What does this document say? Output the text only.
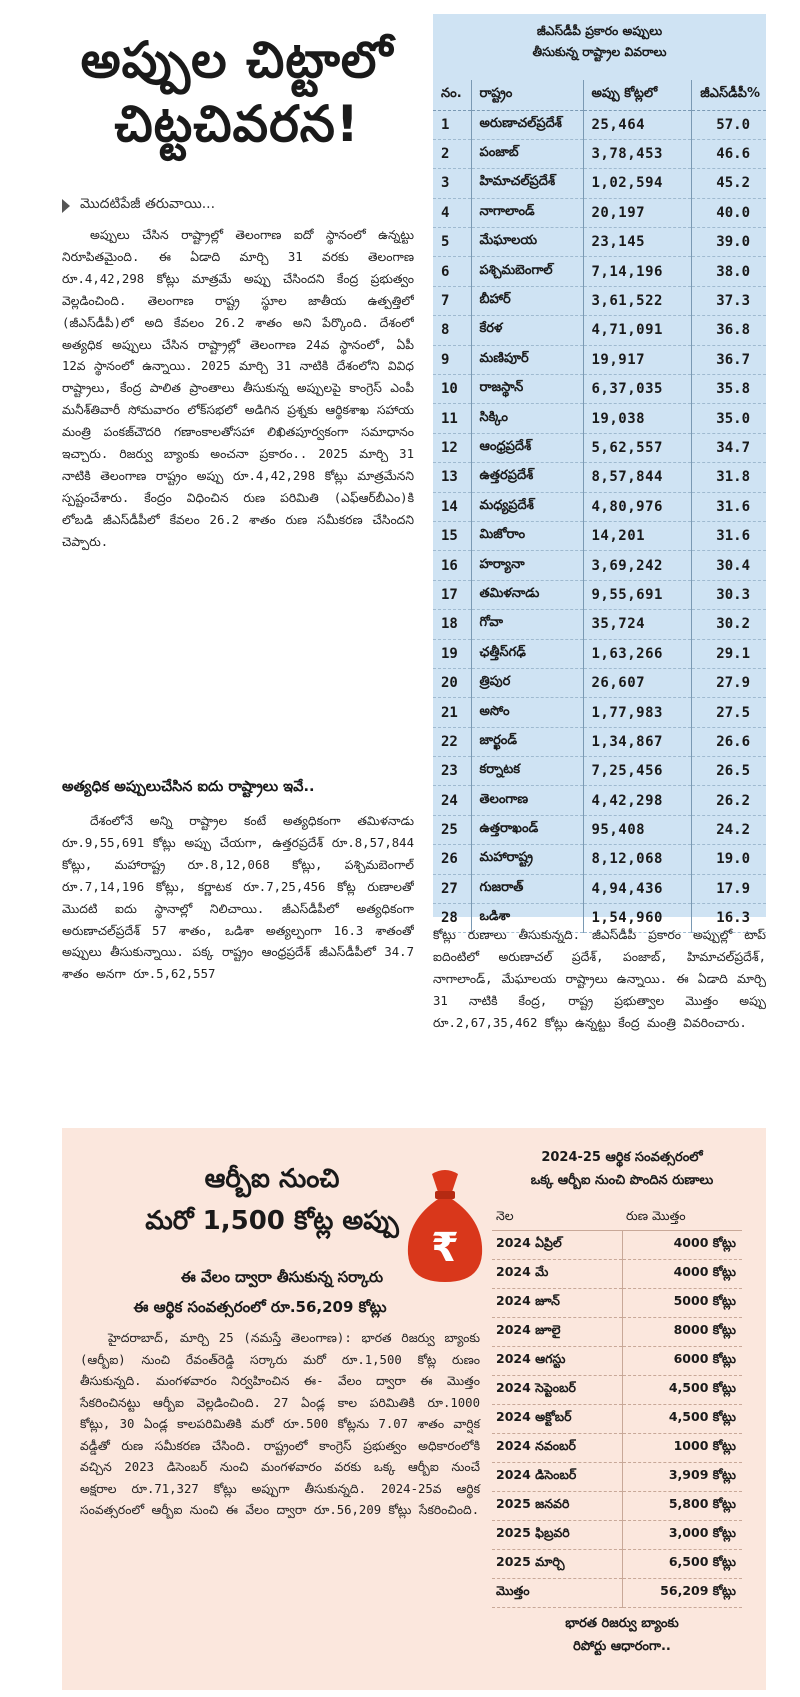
అప్పుల చిట్టాలో
చిట్టచివరన!
మొదటిపేజీ తరువాయి...

అప్పులు చేసిన రాష్ట్రాల్లో తెలంగాణ ఐదో స్థానంలో ఉన్నట్టు నిరూపితమైంది. ఈ ఏడాది మార్చి 31 వరకు తెలంగాణ రూ.4,42,298 కోట్లు మాత్రమే అప్పు చేసిందని కేంద్ర ప్రభుత్వం వెల్లడించింది. తెలంగాణ రాష్ట్ర స్థూల జాతీయ ఉత్పత్తిలో (జీఎస్‌డీపీ)లో అది కేవలం 26.2 శాతం అని పేర్కొంది. దేశంలో అత్యధిక అప్పులు చేసిన రాష్ట్రాల్లో తెలంగాణ 24వ స్థానంలో, ఏపీ 12వ స్థానంలో ఉన్నాయి. 2025 మార్చి 31 నాటికి దేశంలోని వివిధ రాష్ట్రాలు, కేంద్ర పాలిత ప్రాంతాలు తీసుకున్న అప్పులపై కాంగ్రెస్ ఎంపీ మనీశ్‌తివారీ సోమవారం లోక్‌సభలో అడిగిన ప్రశ్నకు ఆర్థికశాఖ సహాయ మంత్రి పంకజ్‌చౌదరి గణాంకాలతోసహా లిఖితపూర్వకంగా సమాధానం ఇచ్చారు. రిజర్వు బ్యాంకు అంచనా ప్రకారం.. 2025 మార్చి 31 నాటికి తెలంగాణ రాష్ట్రం అప్పు రూ.4,42,298 కోట్లు మాత్రమేనని స్పష్టంచేశారు. కేంద్రం విధించిన రుణ పరిమితి (ఎఫ్‌ఆర్‌బీఎం)కి లోబడి జీఎస్‌డీపీలో కేవలం 26.2 శాతం రుణ సమీకరణ చేసిందని చెప్పారు.

అత్యధిక అప్పులుచేసిన ఐదు రాష్ట్రాలు ఇవే..

దేశంలోనే అన్ని రాష్ట్రాల కంటే అత్యధికంగా తమిళనాడు రూ.9,55,691 కోట్లు అప్పు చేయగా, ఉత్తరప్రదేశ్ రూ.8,57,844 కోట్లు, మహారాష్ట్ర రూ.8,12,068 కోట్లు, పశ్చిమబెంగాల్ రూ.7,14,196 కోట్లు, కర్ణాటక రూ.7,25,456 కోట్ల రుణాలతో మొదటి ఐదు స్థానాల్లో నిలిచాయి. జీఎస్‌డీపీలో అత్యధికంగా అరుణాచల్‌ప్రదేశ్ 57 శాతం, ఒడిశా అత్యల్పంగా 16.3 శాతంతో అప్పులు తీసుకున్నాయి. పక్క రాష్ట్రం ఆంధ్రప్రదేశ్ జీఎస్‌డీపీలో 34.7 శాతం అనగా రూ.5,62,557

జీఎస్‌డీపీ ప్రకారం అప్పులు
తీసుకున్న రాష్ట్రాల వివరాలు
నం.	రాష్ట్రం	అప్పు కోట్లలో	జీఎస్‌డీపీ%
1	అరుణాచల్‌ప్రదేశ్	25,464	57.0
2	పంజాబ్	3,78,453	46.6
3	హిమాచల్‌ప్రదేశ్	1,02,594	45.2
4	నాగాలాండ్	20,197	40.0
5	మేఘాలయ	23,145	39.0
6	పశ్చిమబెంగాల్	7,14,196	38.0
7	బీహార్	3,61,522	37.3
8	కేరళ	4,71,091	36.8
9	మణిపూర్	19,917	36.7
10	రాజస్థాన్	6,37,035	35.8
11	సిక్కిం	19,038	35.0
12	ఆంధ్రప్రదేశ్	5,62,557	34.7
13	ఉత్తరప్రదేశ్	8,57,844	31.8
14	మధ్యప్రదేశ్	4,80,976	31.6
15	మిజోరాం	14,201	31.6
16	హర్యానా	3,69,242	30.4
17	తమిళనాడు	9,55,691	30.3
18	గోవా	35,724	30.2
19	ఛత్తీస్‌గఢ్	1,63,266	29.1
20	త్రిపుర	26,607	27.9
21	అసోం	1,77,983	27.5
22	జార్ఖండ్	1,34,867	26.6
23	కర్నాటక	7,25,456	26.5
24	తెలంగాణ	4,42,298	26.2
25	ఉత్తరాఖండ్	95,408	24.2
26	మహారాష్ట్ర	8,12,068	19.0
27	గుజరాత్	4,94,436	17.9
28	ఒడిశా	1,54,960	16.3

కోట్లు రుణాలు తీసుకున్నది. జీఎస్‌డీపీ ప్రకారం అప్పుల్లో టాప్ ఐదింటిలో అరుణాచల్ ప్రదేశ్, పంజాబ్, హిమాచల్‌ప్రదేశ్, నాగాలాండ్, మేఘాలయ రాష్ట్రాలు ఉన్నాయి. ఈ ఏడాది మార్చి 31 నాటికి కేంద్ర, రాష్ట్ర ప్రభుత్వాల మొత్తం అప్పు రూ.2,67,35,462 కోట్లు ఉన్నట్టు కేంద్ర మంత్రి వివరించారు.

ఆర్బీఐ నుంచి
మరో 1,500 కోట్ల అప్పు
₹
ఈ వేలం ద్వారా తీసుకున్న సర్కారు
ఈ ఆర్థిక సంవత్సరంలో రూ.56,209 కోట్లు

హైదరాబాద్, మార్చి 25 (నమస్తే తెలంగాణ): భారత రిజర్వు బ్యాంకు (ఆర్బీఐ) నుంచి రేవంత్‌రెడ్డి సర్కారు మరో రూ.1,500 కోట్ల రుణం తీసుకున్నది. మంగళవారం నిర్వహించిన ఈ- వేలం ద్వారా ఈ మొత్తం సేకరించినట్టు ఆర్బీఐ వెల్లడించింది. 27 ఏండ్ల కాల పరిమితికి రూ.1000 కోట్లు, 30 ఏండ్ల కాలపరిమితికి మరో రూ.500 కోట్లను 7.07 శాతం వార్షిక వడ్డీతో రుణ సమీకరణ చేసింది. రాష్ట్రంలో కాంగ్రెస్ ప్రభుత్వం అధికారంలోకి వచ్చిన 2023 డిసెంబర్ నుంచి మంగళవారం వరకు ఒక్క ఆర్బీఐ నుంచే అక్షరాల రూ.71,327 కోట్లు అప్పుగా తీసుకున్నది. 2024-25వ ఆర్థిక సంవత్సరంలో ఆర్బీఐ నుంచి ఈ వేలం ద్వారా రూ.56,209 కోట్లు సేకరించింది.

2024-25 ఆర్థిక సంవత్సరంలో
ఒక్క ఆర్బీఐ నుంచి పొందిన రుణాలు
నెల	రుణ మొత్తం
2024 ఏప్రిల్	4000 కోట్లు
2024 మే	4000 కోట్లు
2024 జూన్	5000 కోట్లు
2024 జూలై	8000 కోట్లు
2024 ఆగస్టు	6000 కోట్లు
2024 సెప్టెంబర్	4,500 కోట్లు
2024 అక్టోబర్	4,500 కోట్లు
2024 నవంబర్	1000 కోట్లు
2024 డిసెంబర్	3,909 కోట్లు
2025 జనవరి	5,800 కోట్లు
2025 ఫిబ్రవరి	3,000 కోట్లు
2025 మార్చి	6,500 కోట్లు
మొత్తం	56,209 కోట్లు
భారత రిజర్వు బ్యాంకు
రిపోర్టు ఆధారంగా..
